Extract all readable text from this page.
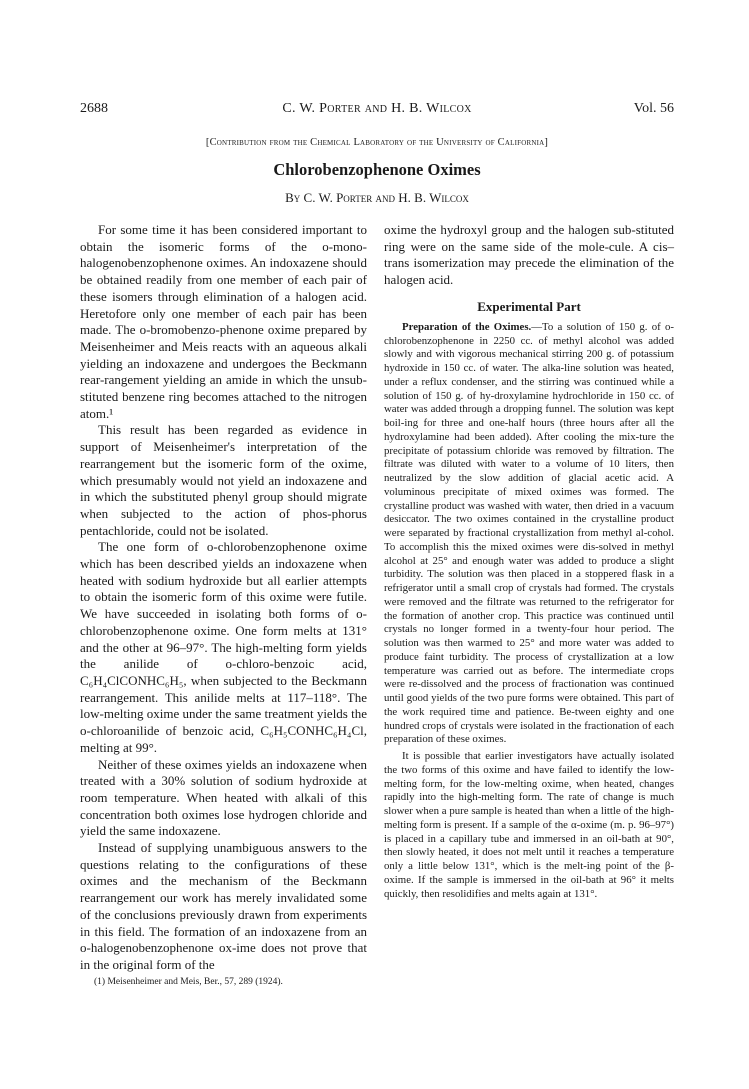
2688	C. W. Porter and H. B. Wilcox	Vol. 56
[Contribution from the Chemical Laboratory of the University of California]
Chlorobenzophenone Oximes
By C. W. Porter and H. B. Wilcox

For some time it has been considered important to obtain the isomeric forms of the o-mono-halogenobenzophenone oximes. An indoxazene should be obtained readily from one member of each pair of these isomers through elimination of a halogen acid. Heretofore only one member of each pair has been made. The o-bromobenzo-phenone oxime prepared by Meisenheimer and Meis reacts with an aqueous alkali yielding an indoxazene and undergoes the Beckmann rear-rangement yielding an amide in which the unsub-stituted benzene ring becomes attached to the nitrogen atom.¹

This result has been regarded as evidence in support of Meisenheimer's interpretation of the rearrangement but the isomeric form of the oxime, which presumably would not yield an indoxazene and in which the substituted phenyl group should migrate when subjected to the action of phos-phorus pentachloride, could not be isolated.

The one form of o-chlorobenzophenone oxime which has been described yields an indoxazene when heated with sodium hydroxide but all earlier attempts to obtain the isomeric form of this oxime were futile. We have succeeded in isolating both forms of o-chlorobenzophenone oxime. One form melts at 131° and the other at 96–97°. The high-melting form yields the anilide of o-chloro-benzoic acid, C₆H₄ClCONHC₆H₅, when subjected to the Beckmann rearrangement. This anilide melts at 117–118°. The low-melting oxime under the same treatment yields the o-chloroanilide of benzoic acid, C₆H₅CONHC₆H₄Cl, melting at 99°.

Neither of these oximes yields an indoxazene when treated with a 30% solution of sodium hydroxide at room temperature. When heated with alkali of this concentration both oximes lose hydrogen chloride and yield the same indoxazene.

Instead of supplying unambiguous answers to the questions relating to the configurations of these oximes and the mechanism of the Beckmann rearrangement our work has merely invalidated some of the conclusions previously drawn from experiments in this field. The formation of an indoxazene from an o-halogenobenzophenone ox-ime does not prove that in the original form of the

(1) Meisenheimer and Meis, Ber., 57, 289 (1924).

oxime the hydroxyl group and the halogen sub-stituted ring were on the same side of the mole-cule. A cis–trans isomerization may precede the elimination of the halogen acid.

Experimental Part

Preparation of the Oximes.—To a solution of 150 g. of o-chlorobenzophenone in 2250 cc. of methyl alcohol was added slowly and with vigorous mechanical stirring 200 g. of potassium hydroxide in 150 cc. of water. The alka-line solution was heated, under a reflux condenser, and the stirring was continued while a solution of 150 g. of hy-droxylamine hydrochloride in 150 cc. of water was added through a dropping funnel. The solution was kept boil-ing for three and one-half hours (three hours after all the hydroxylamine had been added). After cooling the mix-ture the precipitate of potassium chloride was removed by filtration. The filtrate was diluted with water to a volume of 10 liters, then neutralized by the slow addition of glacial acetic acid. A voluminous precipitate of mixed oximes was formed. The crystalline product was washed with water, then dried in a vacuum desiccator. The two oximes contained in the crystalline product were separated by fractional crystallization from methyl al-cohol. To accomplish this the mixed oximes were dis-solved in methyl alcohol at 25° and enough water was added to produce a slight turbidity. The solution was then placed in a stoppered flask in a refrigerator until a small crop of crystals had formed. The crystals were removed and the filtrate was returned to the refrigerator for the formation of another crop. This practice was continued until crystals no longer formed in a twenty-four hour period. The solution was then warmed to 25° and more water was added to produce faint turbidity. The process of crystallization at a low temperature was carried out as before. The intermediate crops were re-dissolved and the process of fractionation was continued until good yields of the two pure forms were obtained. This part of the work required time and patience. Be-tween eighty and one hundred crops of crystals were isolated in the fractionation of each preparation of these oximes.

It is possible that earlier investigators have actually isolated the two forms of this oxime and have failed to identify the low-melting form, for the low-melting oxime, when heated, changes rapidly into the high-melting form. The rate of change is much slower when a pure sample is heated than when a little of the high-melting form is present. If a sample of the α-oxime (m. p. 96–97°) is placed in a capillary tube and immersed in an oil-bath at 90°, then slowly heated, it does not melt until it reaches a temperature only a little below 131°, which is the melt-ing point of the β-oxime. If the sample is immersed in the oil-bath at 96° it melts quickly, then resolidifies and melts again at 131°.
